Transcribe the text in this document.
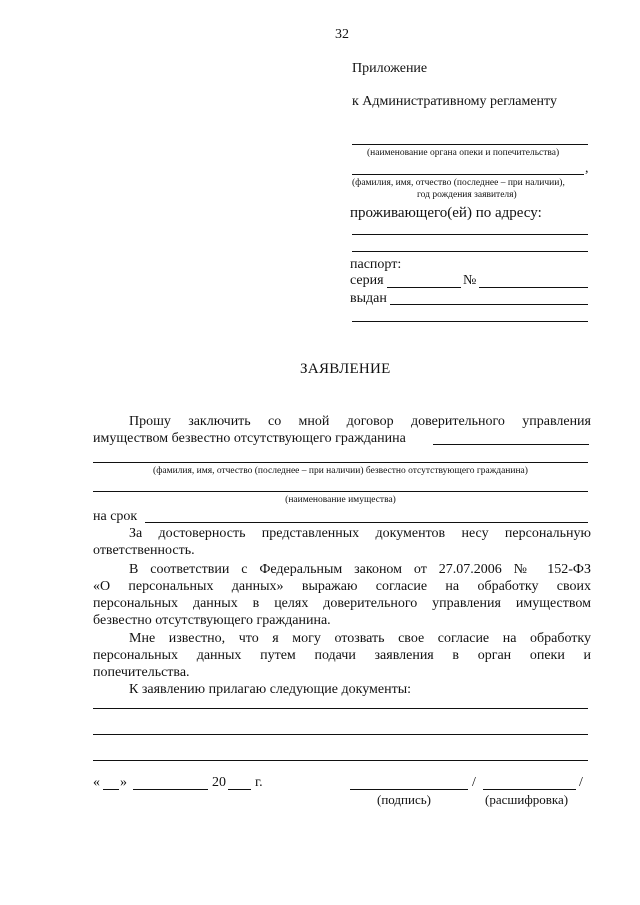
32
Приложение
к Административному регламенту
(наименование органа опеки и попечительства)
,
(фамилия, имя, отчество (последнее – при наличии),
год рождения заявителя)
проживающего(ей) по адресу:
паспорт:
серия	№
выдан
ЗАЯВЛЕНИЕ
Прошу заключить со мной договор доверительного управления
имуществом безвестно отсутствующего гражданина
(фамилия, имя, отчество (последнее – при наличии) безвестно отсутствующего гражданина)
(наименование имущества)
на срок
За достоверность представленных документов несу персональную
ответственность.
В соответствии с Федеральным законом от 27.07.2006 № 152-ФЗ
«О персональных данных» выражаю согласие на обработку своих
персональных данных в целях доверительного управления имуществом
безвестно отсутствующего гражданина.
Мне известно, что я могу отозвать свое согласие на обработку
персональных данных путем подачи заявления в орган опеки и
попечительства.
К заявлению прилагаю следующие документы:
« »	20 г.	/	/
(подпись)	(расшифровка)
